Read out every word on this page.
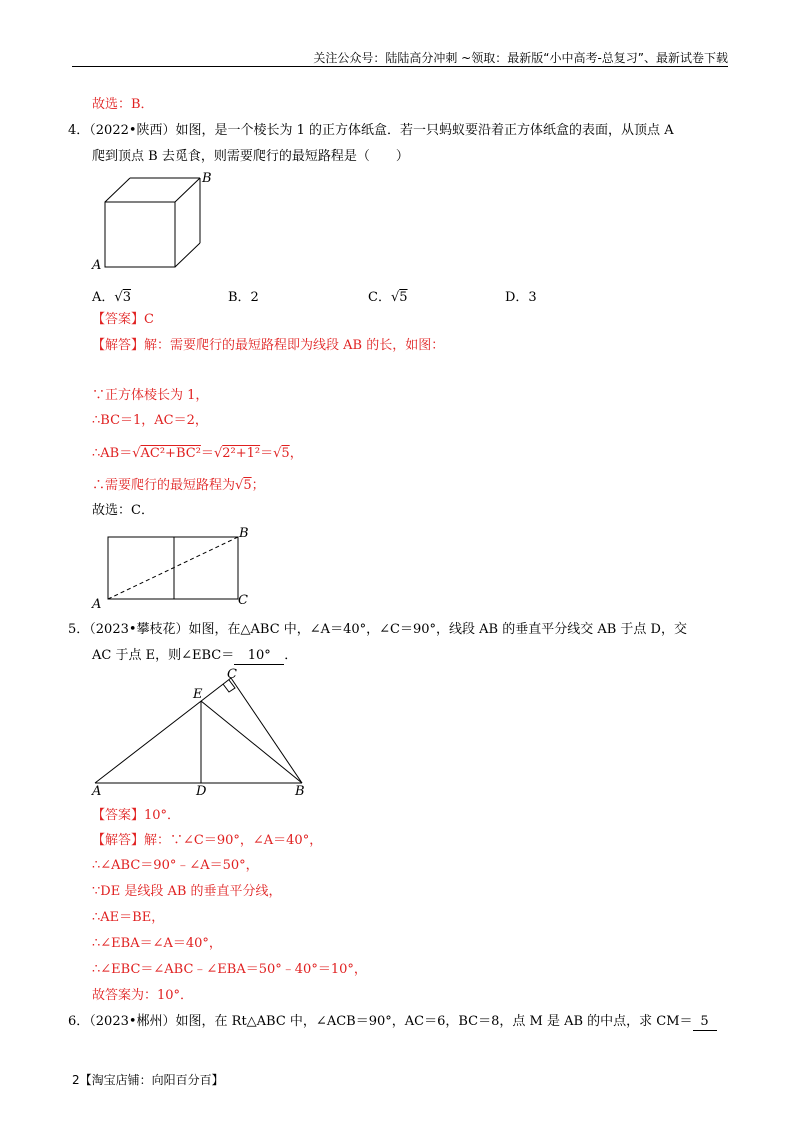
关注公众号：陆陆高分冲刺 ~领取：最新版“小中高考-总复习”、最新试卷下载
故选：B．
4．（2022•陕西）如图，是一个棱长为 1 的正方体纸盒．若一只蚂蚁要沿着正方体纸盒的表面，从顶点 A
爬到顶点 B 去觅食，则需要爬行的最短路程是（　　）
B
A
A．√3	B．2	C．√5	D．3
【答案】C
【解答】解：需要爬行的最短路程即为线段 AB 的长，如图：
∵正方体棱长为 1，
∴BC＝1，AC＝2，
∴AB＝√AC²+BC²＝√2²+1²＝√5，
∴需要爬行的最短路程为√5；
故选：C．
B
A	C
5．（2023•攀枝花）如图，在△ABC 中，∠A＝40°，∠C＝90°，线段 AB 的垂直平分线交 AB 于点 D，交
AC 于点 E，则∠EBC＝ 10° ．
A	D	B
E
C
【答案】10°．
【解答】解：∵∠C＝90°，∠A＝40°，
∴∠ABC＝90°﹣∠A＝50°，
∵DE 是线段 AB 的垂直平分线，
∴AE＝BE，
∴∠EBA＝∠A＝40°，
∴∠EBC＝∠ABC﹣∠EBA＝50°﹣40°＝10°，
故答案为：10°．
6．（2023•郴州）如图，在 Rt△ABC 中，∠ACB＝90°，AC＝6，BC＝8，点 M 是 AB 的中点，求 CM＝ 5
2【淘宝店铺：向阳百分百】
